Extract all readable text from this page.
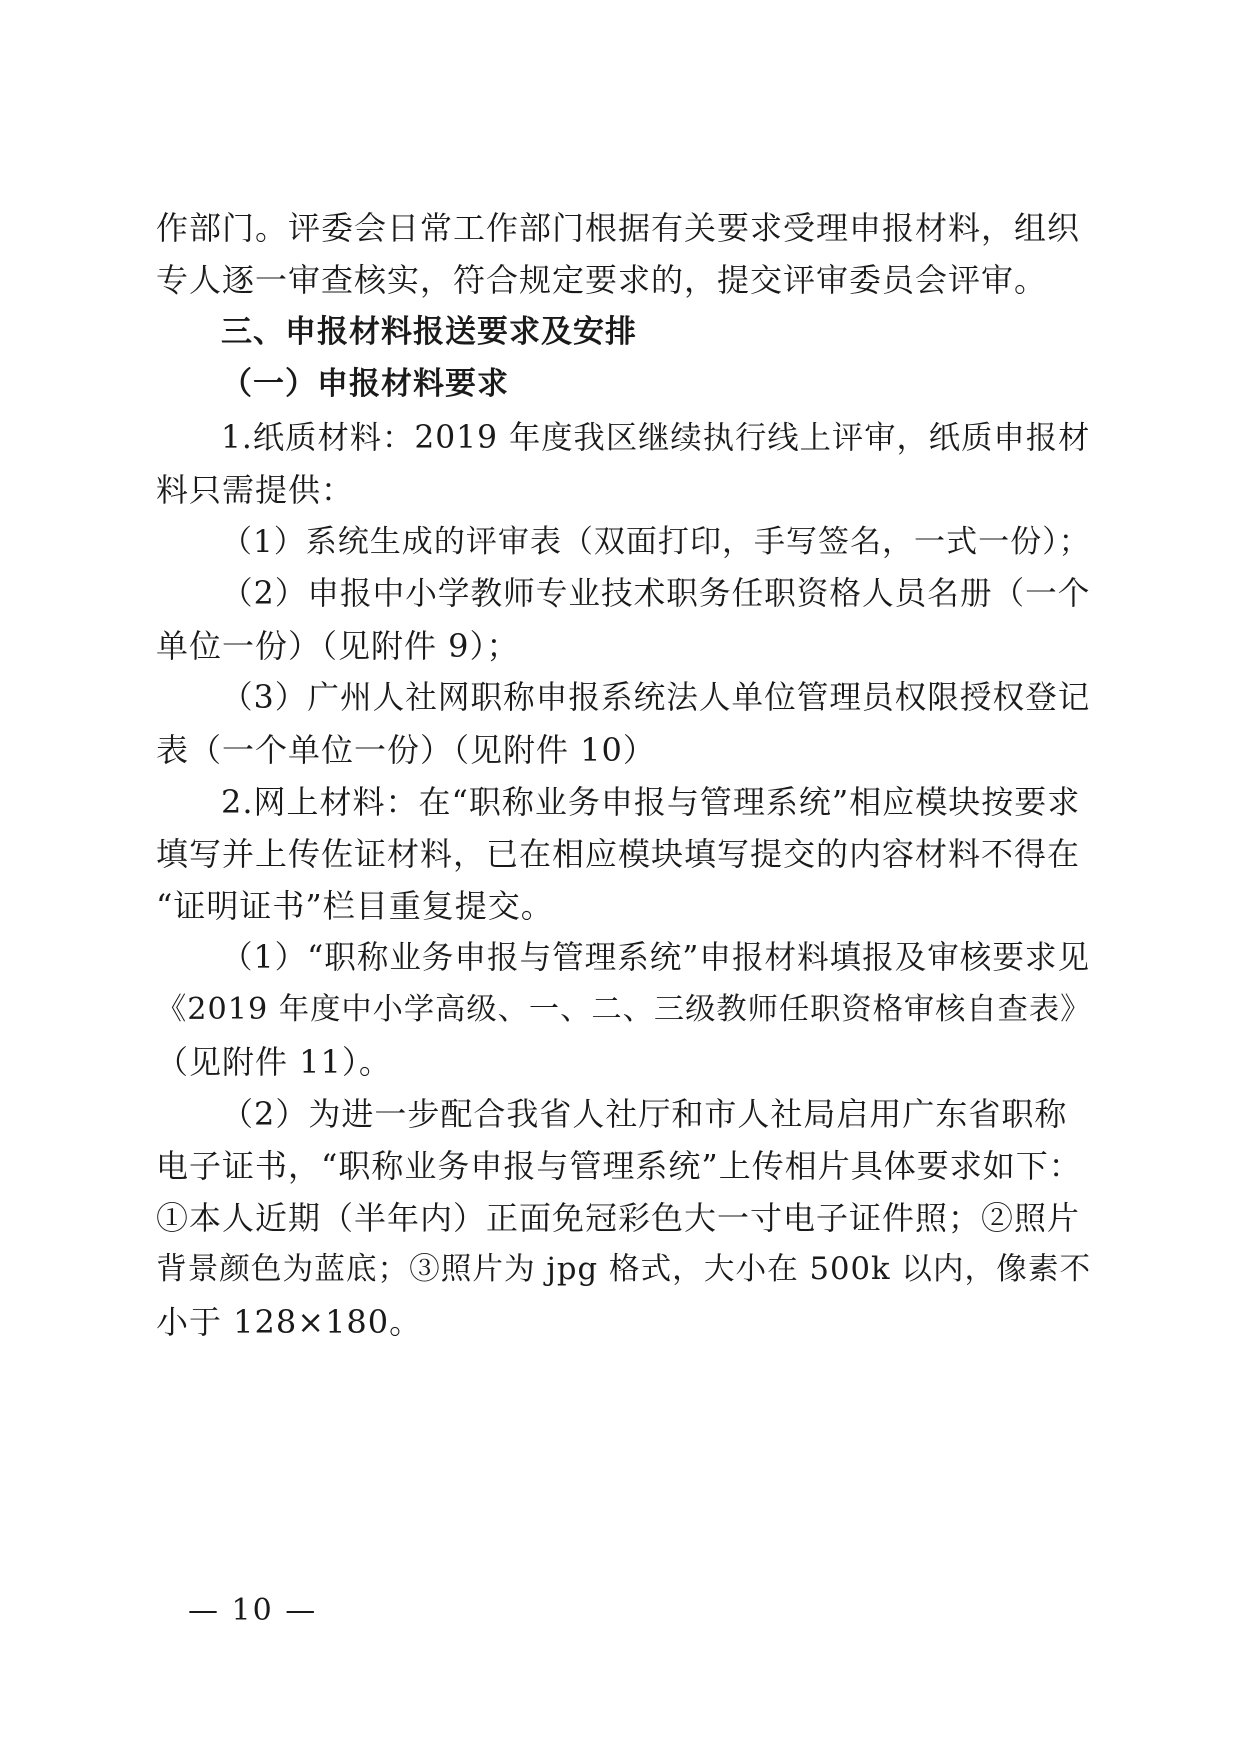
作部门。评委会日常工作部门根据有关要求受理申报材料，组织
专人逐一审查核实，符合规定要求的，提交评审委员会评审。
三、申报材料报送要求及安排
（一）申报材料要求
1.纸质材料：2019 年度我区继续执行线上评审，纸质申报材
料只需提供：
（1）系统生成的评审表（双面打印，手写签名，一式一份）；
（2）申报中小学教师专业技术职务任职资格人员名册（一个
单位一份）（见附件 9）；
（3）广州人社网职称申报系统法人单位管理员权限授权登记
表（一个单位一份）（见附件 10）
2.网上材料：在“职称业务申报与管理系统”相应模块按要求
填写并上传佐证材料，已在相应模块填写提交的内容材料不得在
“证明证书”栏目重复提交。
（1）“职称业务申报与管理系统”申报材料填报及审核要求见
《2019 年度中小学高级、一、二、三级教师任职资格审核自查表》
（见附件 11）。
（2）为进一步配合我省人社厅和市人社局启用广东省职称
电子证书，“职称业务申报与管理系统”上传相片具体要求如下：
①本人近期（半年内）正面免冠彩色大一寸电子证件照；②照片
背景颜色为蓝底；③照片为 jpg 格式，大小在 500k 以内，像素不
小于 128×180。
— 10 —
